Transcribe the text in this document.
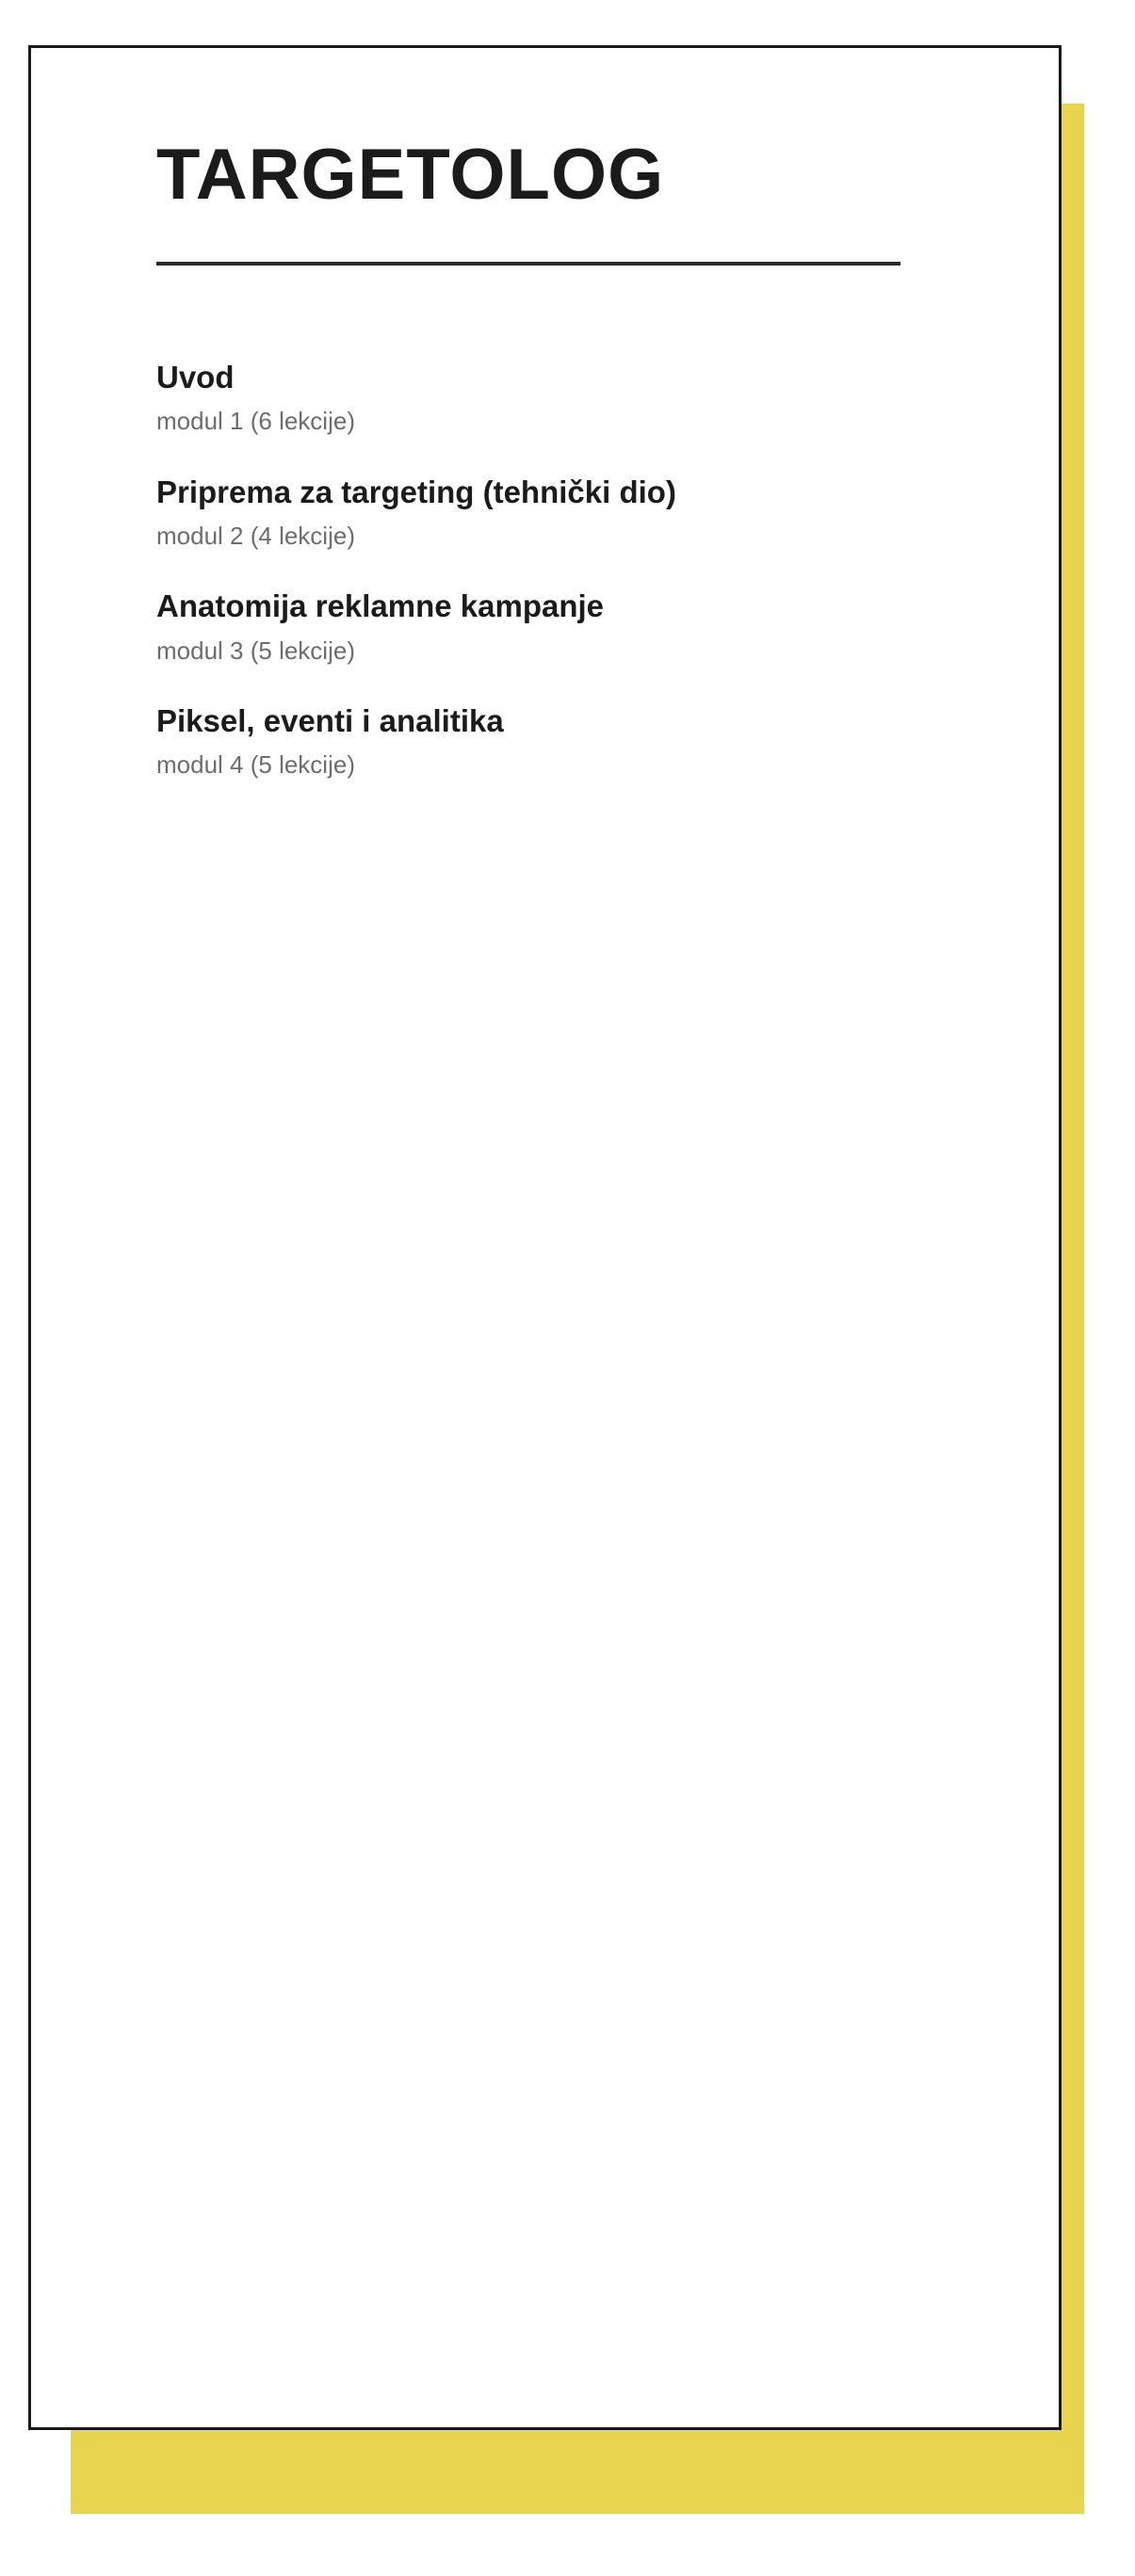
TARGETOLOG

Uvod

modul 1 (6 lekcije)

Priprema za targeting (tehnički dio)

modul 2 (4 lekcije)

Anatomija reklamne kampanje

modul 3 (5 lekcije)

Piksel, eventi i analitika

modul 4 (5 lekcije)
